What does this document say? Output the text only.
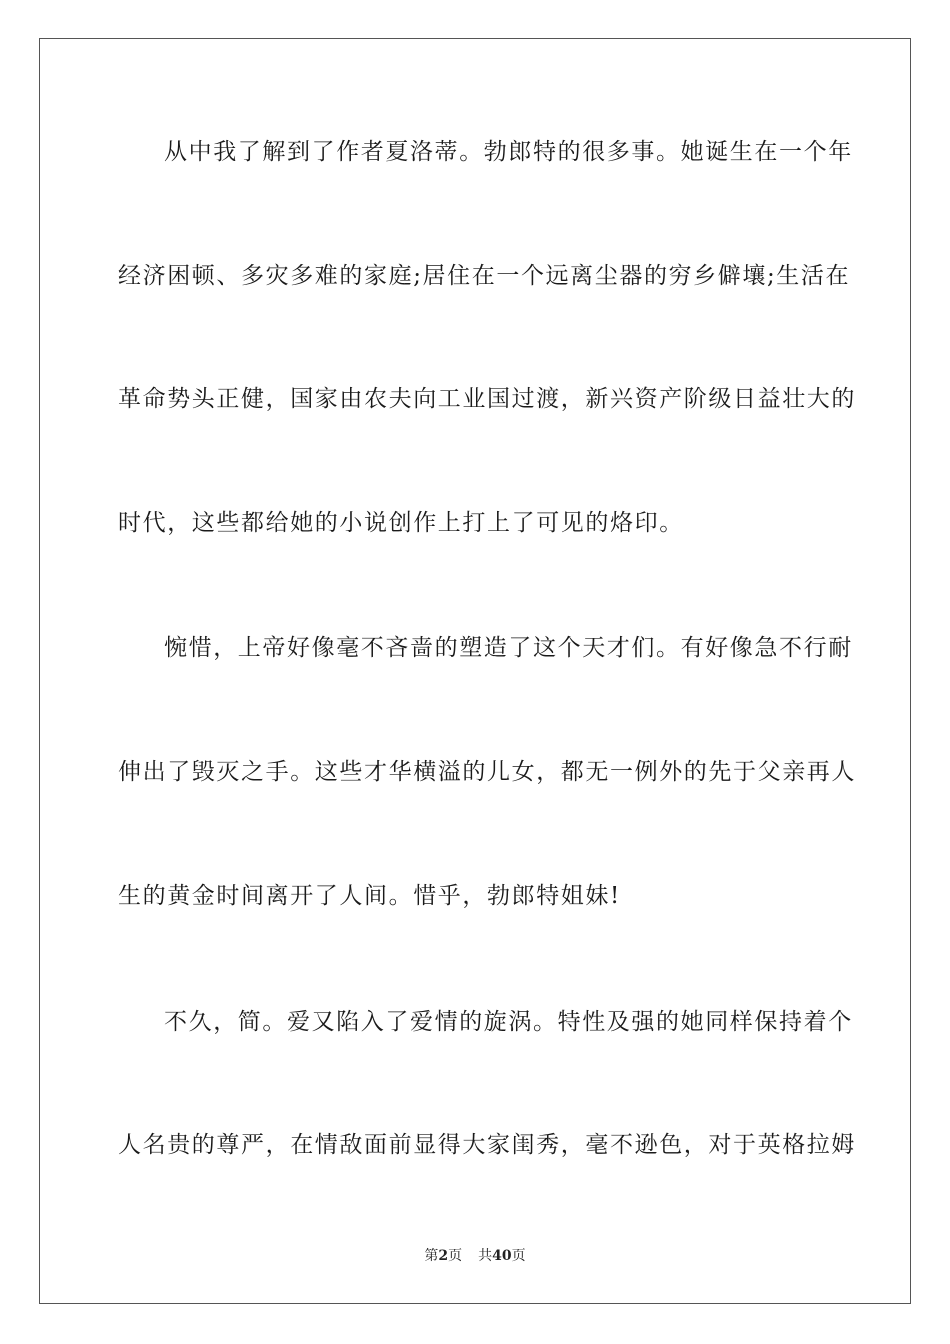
从中我了解到了作者夏洛蒂。勃郎特的很多事。她诞生在一个年
经济困顿、多灾多难的家庭;居住在一个远离尘器的穷乡僻壤;生活在
革命势头正健，国家由农夫向工业国过渡，新兴资产阶级日益壮大的
时代，这些都给她的小说创作上打上了可见的烙印。
惋惜，上帝好像毫不吝啬的塑造了这个天才们。有好像急不行耐
伸出了毁灭之手。这些才华横溢的儿女，都无一例外的先于父亲再人
生的黄金时间离开了人间。惜乎，勃郎特姐妹!
不久，简。爱又陷入了爱情的旋涡。特性及强的她同样保持着个
人名贵的尊严，在情敌面前显得大家闺秀，毫不逊色，对于英格拉姆
第2页 共40页
